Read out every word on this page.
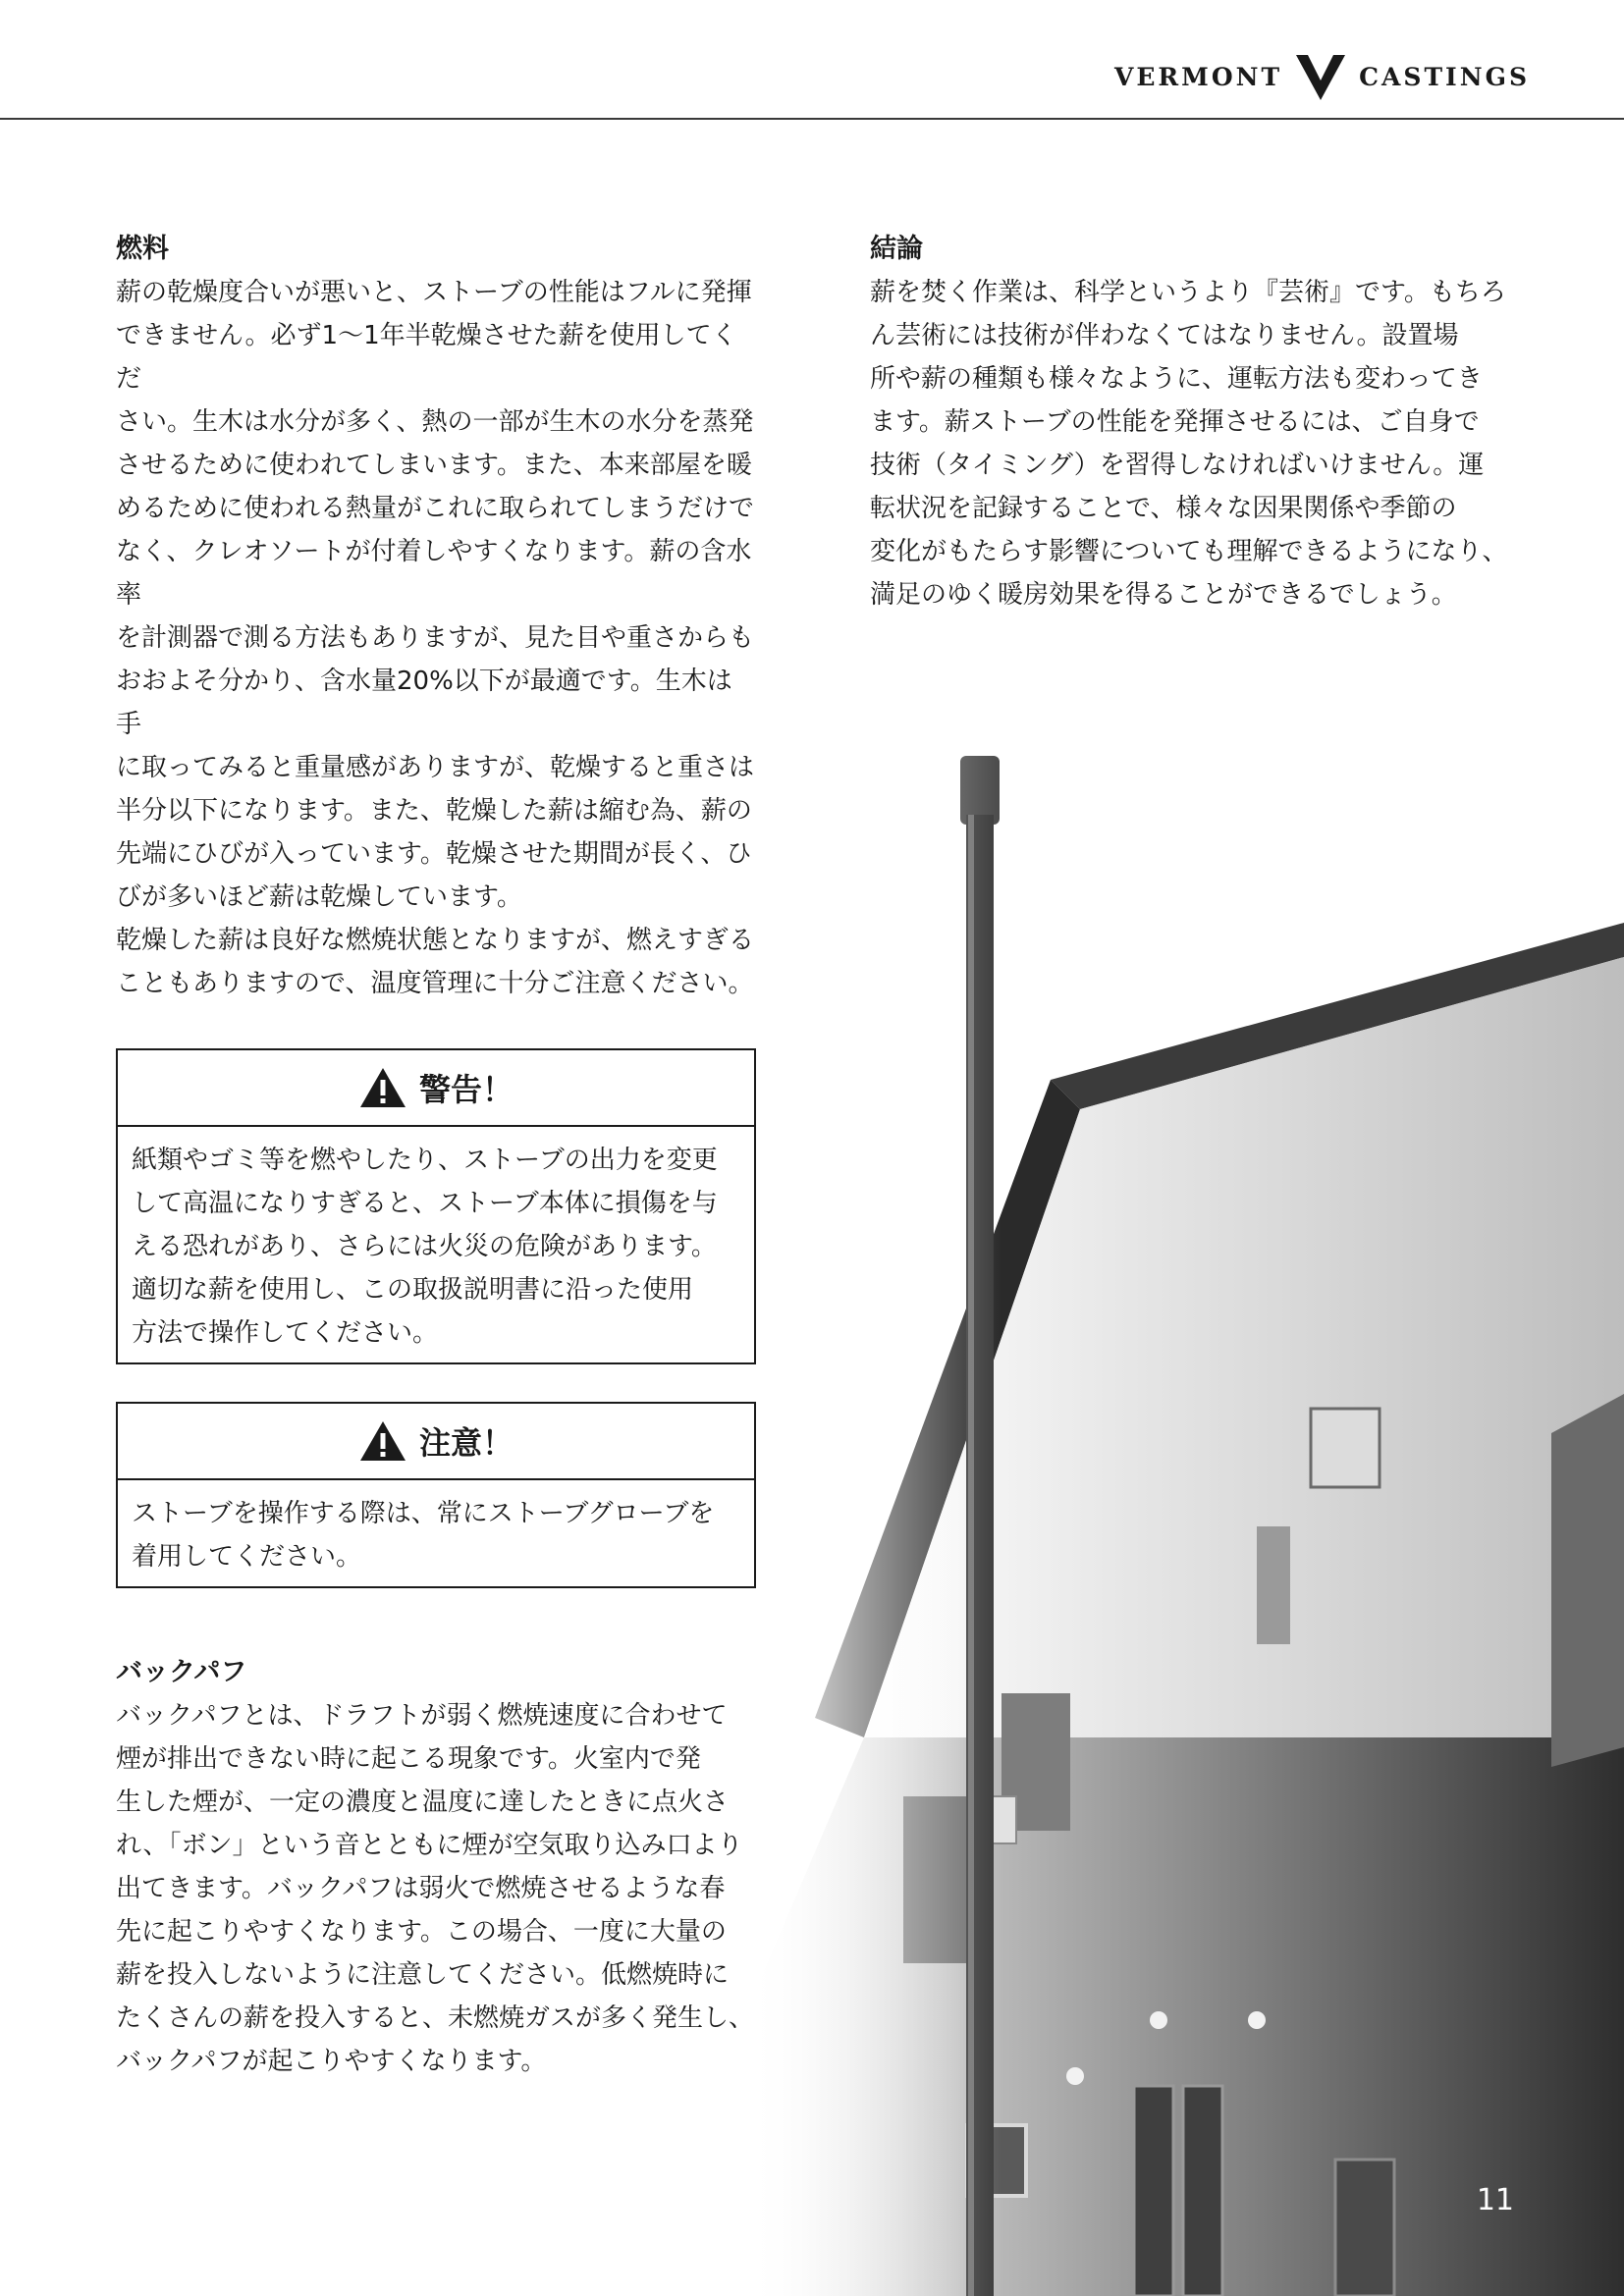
VERMONT	CASTINGS
燃料

薪の乾燥度合いが悪いと、ストーブの性能はフルに発揮

できません。必ず1〜1年半乾燥させた薪を使用してくだ

さい。生木は水分が多く、熱の一部が生木の水分を蒸発

させるために使われてしまいます。また、本来部屋を暖

めるために使われる熱量がこれに取られてしまうだけで

なく、クレオソートが付着しやすくなります。薪の含水率

を計測器で測る方法もありますが、見た目や重さからも

おおよそ分かり、含水量20%以下が最適です。生木は手

に取ってみると重量感がありますが、乾燥すると重さは

半分以下になります。また、乾燥した薪は縮む為、薪の

先端にひびが入っています。乾燥させた期間が長く、ひ

びが多いほど薪は乾燥しています。

乾燥した薪は良好な燃焼状態となりますが、燃えすぎる

こともありますので、温度管理に十分ご注意ください。

警告！

紙類やゴミ等を燃やしたり、ストーブの出力を変更

して高温になりすぎると、ストーブ本体に損傷を与

える恐れがあり、さらには火災の危険があります。

適切な薪を使用し、この取扱説明書に沿った使用

方法で操作してください。

注意！

ストーブを操作する際は、常にストーブグローブを

着用してください。

バックパフ

バックパフとは、ドラフトが弱く燃焼速度に合わせて

煙が排出できない時に起こる現象です。火室内で発

生した煙が、一定の濃度と温度に達したときに点火さ

れ、「ボン」という音とともに煙が空気取り込み口より

出てきます。バックパフは弱火で燃焼させるような春

先に起こりやすくなります。この場合、一度に大量の

薪を投入しないように注意してください。低燃焼時に

たくさんの薪を投入すると、未燃焼ガスが多く発生し、

バックパフが起こりやすくなります。

結論

薪を焚く作業は、科学というより『芸術』です。もちろ

ん芸術には技術が伴わなくてはなりません。設置場

所や薪の種類も様々なように、運転方法も変わってき

ます。薪ストーブの性能を発揮させるには、ご自身で

技術（タイミング）を習得しなければいけません。運

転状況を記録することで、様々な因果関係や季節の

変化がもたらす影響についても理解できるようになり、

満足のゆく暖房効果を得ることができるでしょう。

11
